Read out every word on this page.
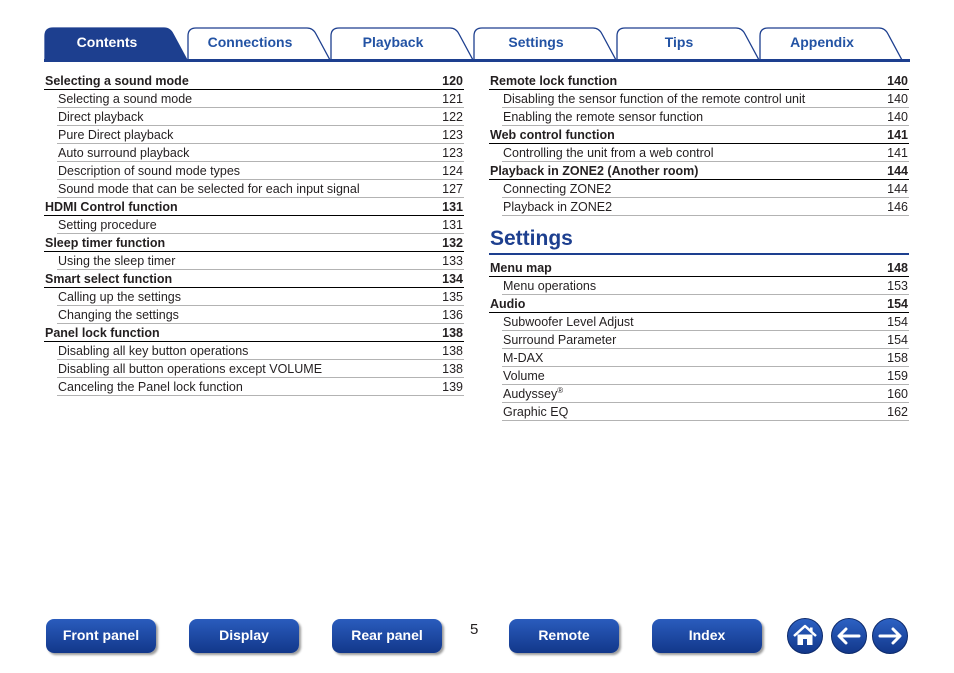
Contents	Connections	Playback	Settings	Tips	Appendix
Selecting a sound mode	120
Selecting a sound mode	121
Direct playback	122
Pure Direct playback	123
Auto surround playback	123
Description of sound mode types	124
Sound mode that can be selected for each input signal	127
HDMI Control function	131
Setting procedure	131
Sleep timer function	132
Using the sleep timer	133
Smart select function	134
Calling up the settings	135
Changing the settings	136
Panel lock function	138
Disabling all key button operations	138
Disabling all button operations except VOLUME	138
Canceling the Panel lock function	139
Remote lock function	140
Disabling the sensor function of the remote control unit	140
Enabling the remote sensor function	140
Web control function	141
Controlling the unit from a web control	141
Playback in ZONE2 (Another room)	144
Connecting ZONE2	144
Playback in ZONE2	146
Settings
Menu map	148
Menu operations	153
Audio	154
Subwoofer Level Adjust	154
Surround Parameter	154
M-DAX	158
Volume	159
Audyssey®	160
Graphic EQ	162
Front panel	Display	Rear panel	5	Remote	Index
